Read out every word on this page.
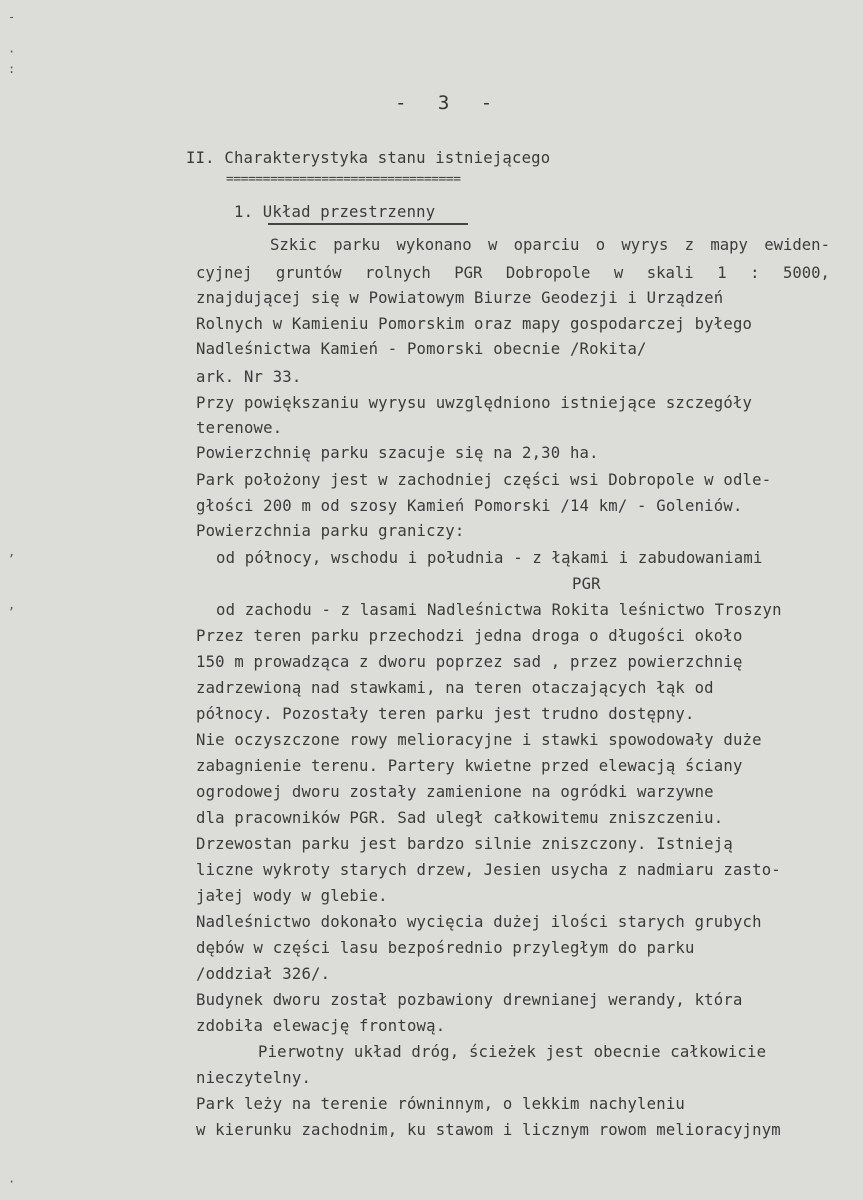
-
·
:
,
,
·
- 3 -
II. Charakterystyka stanu istniejącego
================================
1. Układ przestrzenny
Szkic parku wykonano w oparciu o wyrys z mapy ewiden-
cyjnej gruntów rolnych PGR Dobropole w skali 1 : 5000,
znajdującej się w Powiatowym Biurze Geodezji i Urządzeń
Rolnych w Kamieniu Pomorskim oraz mapy gospodarczej byłego
Nadleśnictwa Kamień - Pomorski obecnie /Rokita/
ark. Nr 33.
Przy powiększaniu wyrysu uwzględniono istniejące szczegóły
terenowe.
Powierzchnię parku szacuje się na 2,30 ha.
Park położony jest w zachodniej części wsi Dobropole w odle-
głości 200 m od szosy Kamień Pomorski /14 km/ - Goleniów.
Powierzchnia parku graniczy:
od północy, wschodu i południa - z łąkami i zabudowaniami
PGR
od zachodu - z lasami Nadleśnictwa Rokita leśnictwo Troszyn
Przez teren parku przechodzi jedna droga o długości około
150 m prowadząca z dworu poprzez sad , przez powierzchnię
zadrzewioną nad stawkami, na teren otaczających łąk od
północy. Pozostały teren parku jest trudno dostępny.
Nie oczyszczone rowy melioracyjne i stawki spowodowały duże
zabagnienie terenu. Partery kwietne przed elewacją ściany
ogrodowej dworu zostały zamienione na ogródki warzywne
dla pracowników PGR. Sad uległ całkowitemu zniszczeniu.
Drzewostan parku jest bardzo silnie zniszczony. Istnieją
liczne wykroty starych drzew, Jesien usycha z nadmiaru zasto-
jałej wody w glebie.
Nadleśnictwo dokonało wycięcia dużej ilości starych grubych
dębów w części lasu bezpośrednio przyległym do parku
/oddział 326/.
Budynek dworu został pozbawiony drewnianej werandy, która
zdobiła elewację frontową.
Pierwotny układ dróg, ścieżek jest obecnie całkowicie
nieczytelny.
Park leży na terenie równinnym, o lekkim nachyleniu
w kierunku zachodnim, ku stawom i licznym rowom melioracyjnym
